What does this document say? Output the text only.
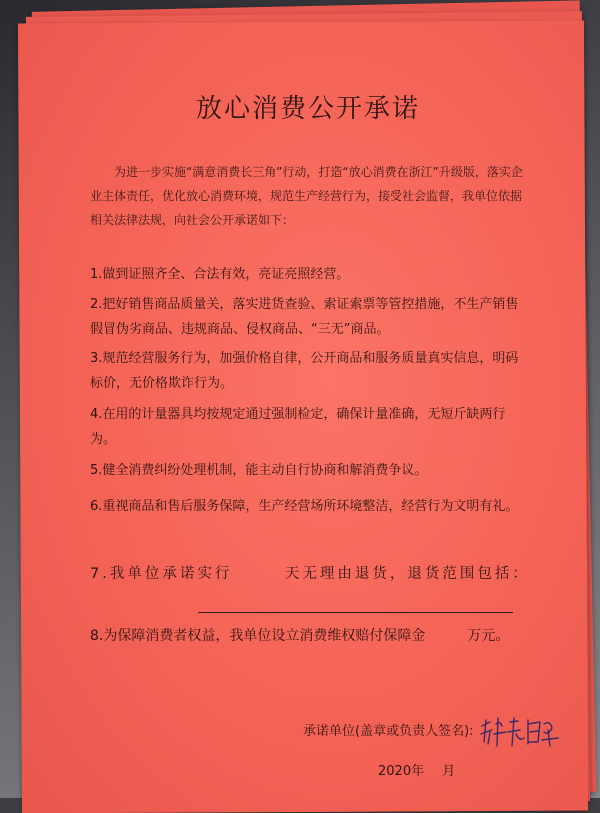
放心消费公开承诺
为进一步实施“满意消费长三角”行动，打造“放心消费在浙江”升级版，落实企业主体责任，优化放心消费环境，规范生产经营行为，接受社会监督，我单位依据相关法律法规，向社会公开承诺如下：
1.做到证照齐全、合法有效，亮证亮照经营。
2.把好销售商品质量关，落实进货查验、索证索票等管控措施，不生产销售假冒伪劣商品、违规商品、侵权商品、“三无”商品。
3.规范经营服务行为，加强价格自律，公开商品和服务质量真实信息，明码标价，无价格欺诈行为。
4.在用的计量器具均按规定通过强制检定，确保计量准确，无短斤缺两行为。
5.健全消费纠纷处理机制，能主动自行协商和解消费争议。
6.重视商品和售后服务保障，生产经营场所环境整洁，经营行为文明有礼。
7.我单位承诺实行　　　天无理由退货，退货范围包括：
8.为保障消费者权益，我单位设立消费维权赔付保障金　　　万元。
承诺单位(盖章或负责人签名):
2020年 月
